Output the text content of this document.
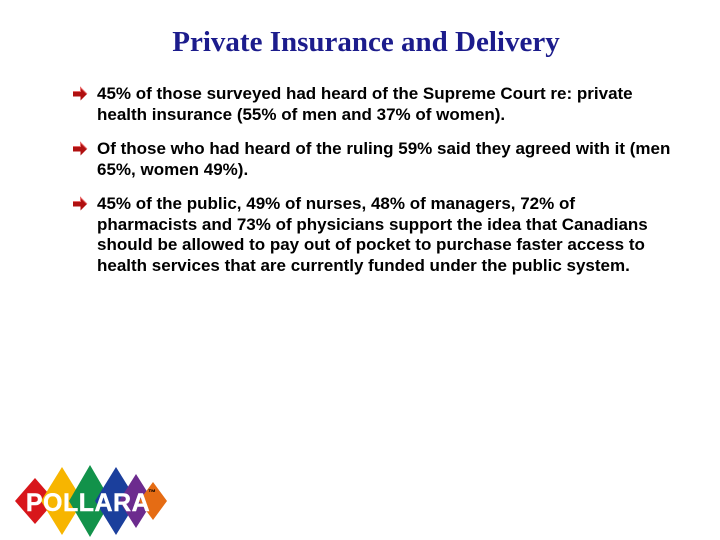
Private Insurance and Delivery
45% of those surveyed had heard of the Supreme Court re: private health insurance (55% of men and 37% of women).
Of those who had heard of the ruling 59% said they agreed with it (men 65%, women 49%).
45% of the public, 49% of nurses, 48% of managers, 72% of pharmacists and 73% of physicians support the idea that Canadians should be allowed to pay out of pocket to purchase faster access to health services that are currently funded under the public system.
POLLARA
™
